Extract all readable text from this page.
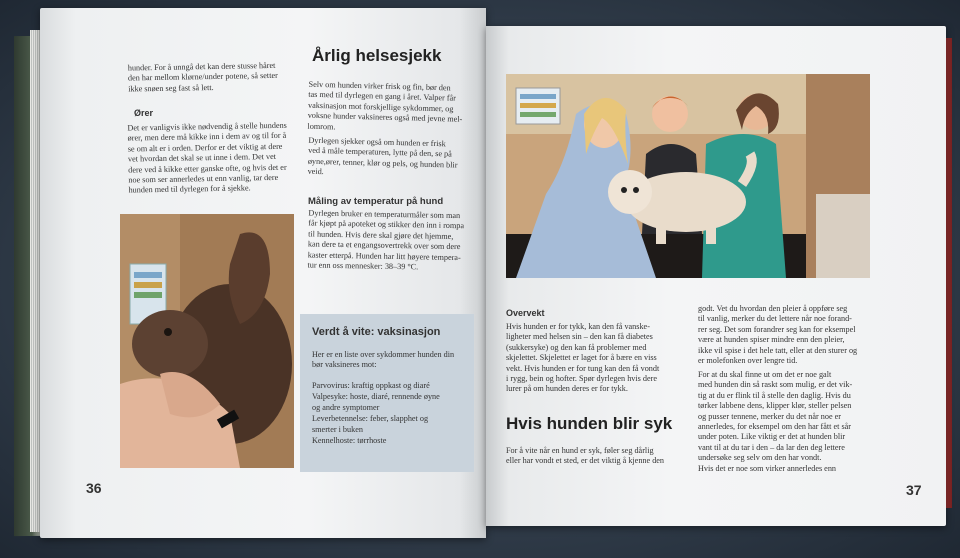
hunder. For å unngå det kan dere stusse håret
den har mellom klørne/under potene, så setter
ikke snøen seg fast så lett.
Ører
Det er vanligvis ikke nødvendig å stelle hundens
ører, men dere må kikke inn i dem av og til for å
se om alt er i orden. Derfor er det viktig at dere
vet hvordan det skal se ut inne i dem. Det vet
dere ved å kikke etter ganske ofte, og hvis det er
noe som ser annerledes ut enn vanlig, tar dere
hunden med til dyrlegen for å sjekke.
Årlig helsesjekk
Selv om hunden virker frisk og fin, bør den
tas med til dyrlegen en gang i året. Valper får
vaksinasjon mot forskjellige sykdommer, og
voksne hunder vaksineres også med jevne mel-
lomrom.
Dyrlegen sjekker også om hunden er frisk
ved å måle temperaturen, lytte på den, se på
øyne,ører, tenner, klør og pels, og hunden blir
veid.
Måling av temperatur på hund
Dyrlegen bruker en temperaturmåler som man
får kjøpt på apoteket og stikker den inn i rompa
til hunden. Hvis dere skal gjøre det hjemme,
kan dere ta et engangsovertrekk over som dere
kaster etterpå. Hunden har litt høyere tempera-
tur enn oss mennesker: 38–39 °C.
Verdt å vite: vaksinasjon
Her er en liste over sykdommer hunden din
bør vaksineres mot:
Parvovirus: kraftig oppkast og diaré
Valpesyke: hoste, diaré, rennende øyne
og andre symptomer
Leverbetennelse: feber, slapphet og
smerter i buken
Kennelhoste: tørrhoste
36
Overvekt
Hvis hunden er for tykk, kan den få vanske-
ligheter med helsen sin – den kan få diabetes
(sukkersyke) og den kan få problemer med
skjelettet. Skjelettet er laget for å bære en viss
vekt. Hvis hunden er for tung kan den få vondt
i rygg, bein og hofter. Spør dyrlegen hvis dere
lurer på om hunden deres er for tykk.
Hvis hunden blir syk
For å vite når en hund er syk, føler seg dårlig
eller har vondt et sted, er det viktig å kjenne den
godt. Vet du hvordan den pleier å oppføre seg
til vanlig, merker du det lettere når noe forand-
rer seg. Det som forandrer seg kan for eksempel
være at hunden spiser mindre enn den pleier,
ikke vil spise i det hele tatt, eller at den sturer og
er molefonken over lengre tid.
For at du skal finne ut om det er noe galt
med hunden din så raskt som mulig, er det vik-
tig at du er flink til å stelle den daglig. Hvis du
tørker labbene dens, klipper klør, steller pelsen
og pusser tennene, merker du det når noe er
annerledes, for eksempel om den har fått et sår
under poten. Like viktig er det at hunden blir
vant til at du tar i den – da lar den deg lettere
undersøke seg selv om den har vondt.
Hvis det er noe som virker annerledes enn
37
